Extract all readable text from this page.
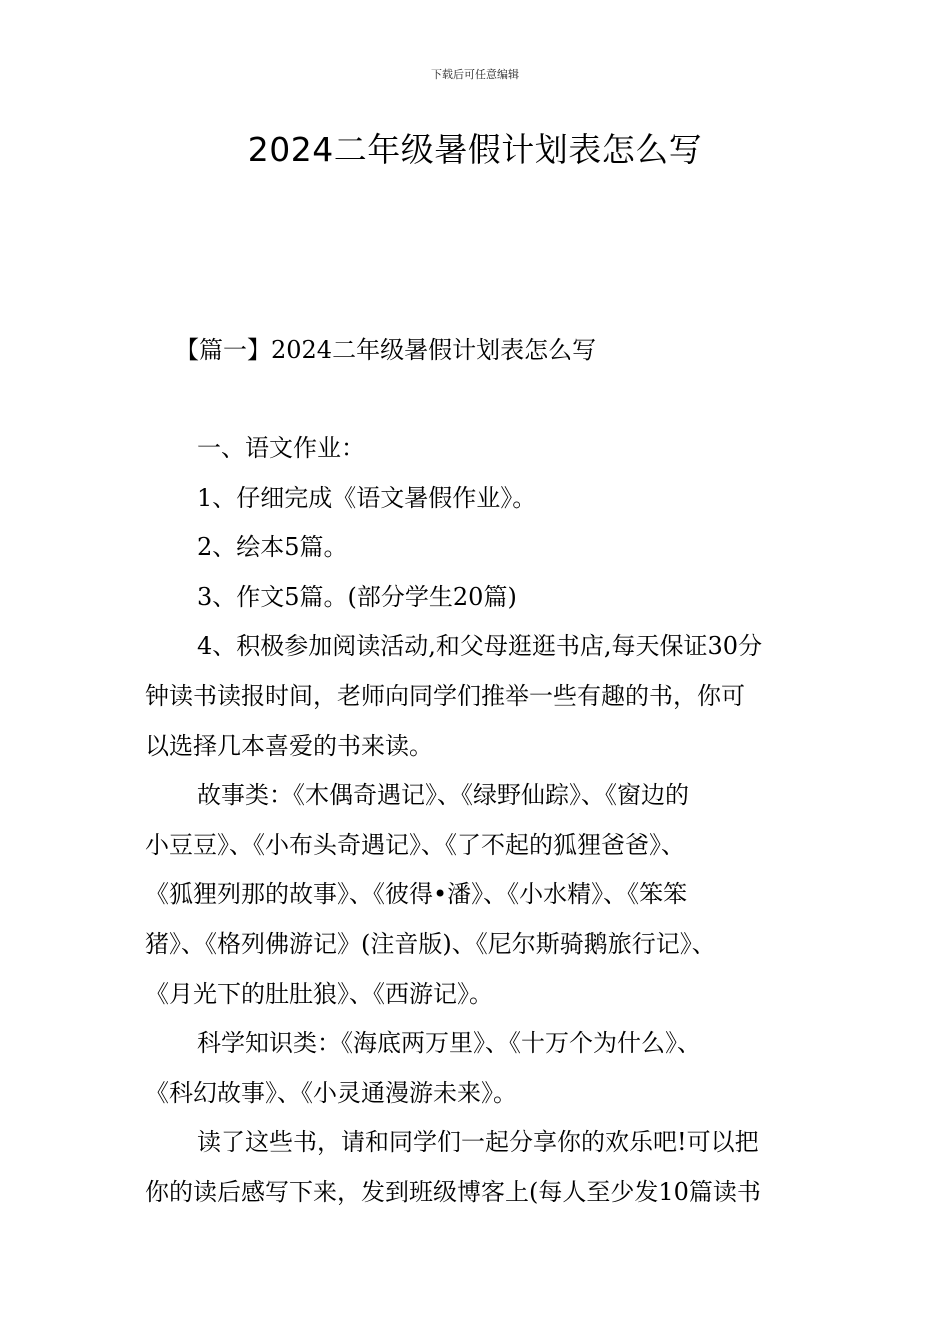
下载后可任意编辑
2024二年级暑假计划表怎么写
【篇一】2024二年级暑假计划表怎么写
一、语文作业：
1、仔细完成《语文暑假作业》。
2、绘本5篇。
3、作文5篇。(部分学生20篇)
4、积极参加阅读活动,和父母逛逛书店,每天保证30分
钟读书读报时间，老师向同学们推举一些有趣的书，你可
以选择几本喜爱的书来读。
故事类：《木偶奇遇记》、《绿野仙踪》、《窗边的
小豆豆》、《小布头奇遇记》、《了不起的狐狸爸爸》、
《狐狸列那的故事》、《彼得•潘》、《小水精》、《笨笨
猪》、《格列佛游记》(注音版)、《尼尔斯骑鹅旅行记》、
《月光下的肚肚狼》、《西游记》。
科学知识类：《海底两万里》、《十万个为什么》、
《科幻故事》、《小灵通漫游未来》。
读了这些书，请和同学们一起分享你的欢乐吧!可以把
你的读后感写下来，发到班级博客上(每人至少发10篇读书
